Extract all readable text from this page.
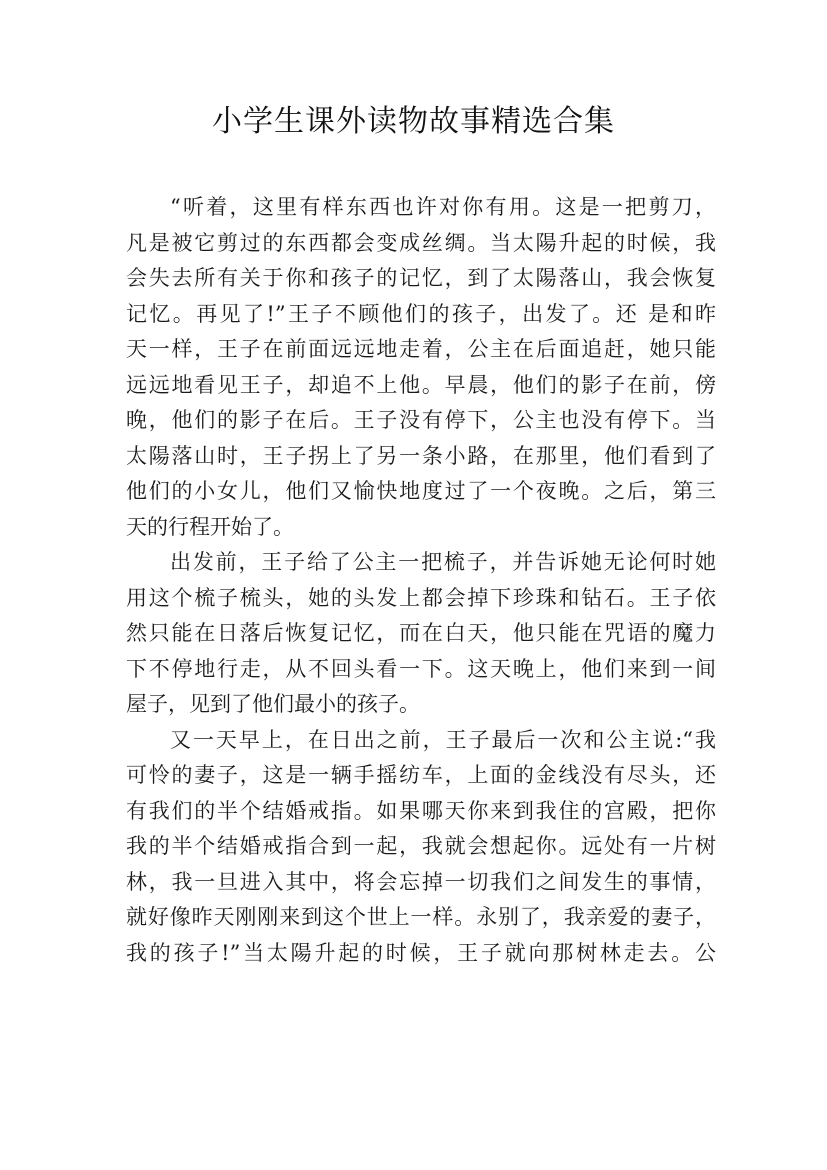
小学生课外读物故事精选合集
“听着，这里有样东西也许对你有用。这是一把剪刀，
凡是被它剪过的东西都会变成丝绸。当太陽升起的时候，我
会失去所有关于你和孩子的记忆，到了太陽落山，我会恢复
记忆。再见了!”王子不顾他们的孩子，出发了。还 是和昨
天一样，王子在前面远远地走着，公主在后面追赶，她只能
远远地看见王子，却追不上他。早晨，他们的影子在前，傍
晚，他们的影子在后。王子没有停下，公主也没有停下。当
太陽落山时，王子拐上了另一条小路，在那里，他们看到了
他们的小女儿，他们又愉快地度过了一个夜晚。之后，第三
天的行程开始了。
出发前，王子给了公主一把梳子，并告诉她无论何时她
用这个梳子梳头，她的头发上都会掉下珍珠和钻石。王子依
然只能在日落后恢复记忆，而在白天，他只能在咒语的魔力
下不停地行走，从不回头看一下。这天晚上，他们来到一间
屋子，见到了他们最小的孩子。
又一天早上，在日出之前，王子最后一次和公主说:“我
可怜的妻子，这是一辆手摇纺车，上面的金线没有尽头，还
有我们的半个结婚戒指。如果哪天你来到我住的宫殿，把你
我的半个结婚戒指合到一起，我就会想起你。远处有一片树
林，我一旦进入其中，将会忘掉一切我们之间发生的事情，
就好像昨天刚刚来到这个世上一样。永别了，我亲爱的妻子，
我的孩子!”当太陽升起的时候，王子就向那树林走去。公
